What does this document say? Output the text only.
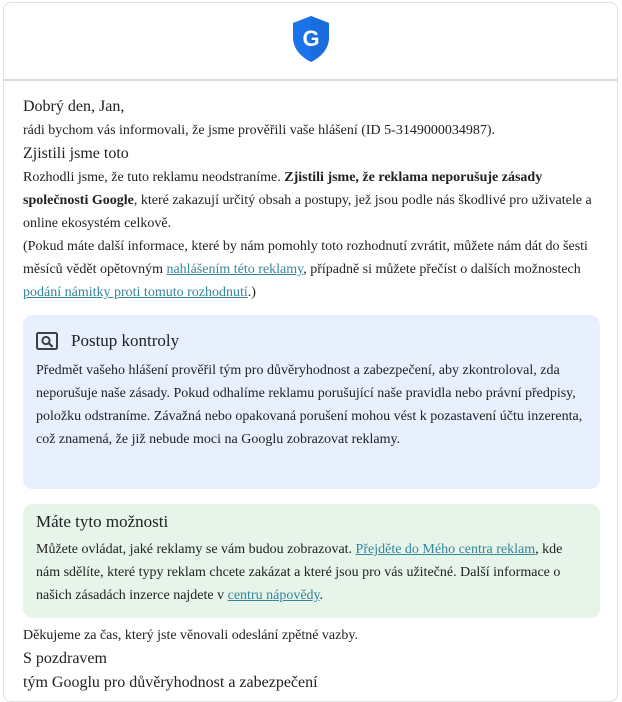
G

Dobrý den, Jan,

rádi bychom vás informovali, že jsme prověřili vaše hlášení (ID 5-3149000034987).

Zjistili jsme toto

Rozhodli jsme, že tuto reklamu neodstraníme. Zjistili jsme, že reklama neporušuje zásady společnosti Google, které zakazují určitý obsah a postupy, jež jsou podle nás škodlivé pro uživatele a online ekosystém celkově.

(Pokud máte další informace, které by nám pomohly toto rozhodnutí zvrátit, můžete nám dát do šesti měsíců vědět opětovným nahlášením této reklamy, případně si můžete přečíst o dalších možnostech podání námitky proti tomuto rozhodnutí.)

Postup kontroly

Předmět vašeho hlášení prověřil tým pro důvěryhodnost a zabezpečení, aby zkontroloval, zda neporušuje naše zásady. Pokud odhalíme reklamu porušující naše pravidla nebo právní předpisy, položku odstraníme. Závažná nebo opakovaná porušení mohou vést k pozastavení účtu inzerenta, což znamená, že již nebude moci na Googlu zobrazovat reklamy.

Máte tyto možnosti

Můžete ovládat, jaké reklamy se vám budou zobrazovat. Přejděte do Mého centra reklam, kde nám sdělíte, které typy reklam chcete zakázat a které jsou pro vás užitečné. Další informace o našich zásadách inzerce najdete v centru nápovědy.

Děkujeme za čas, který jste věnovali odeslání zpětné vazby.

S pozdravem

tým Googlu pro důvěryhodnost a zabezpečení
